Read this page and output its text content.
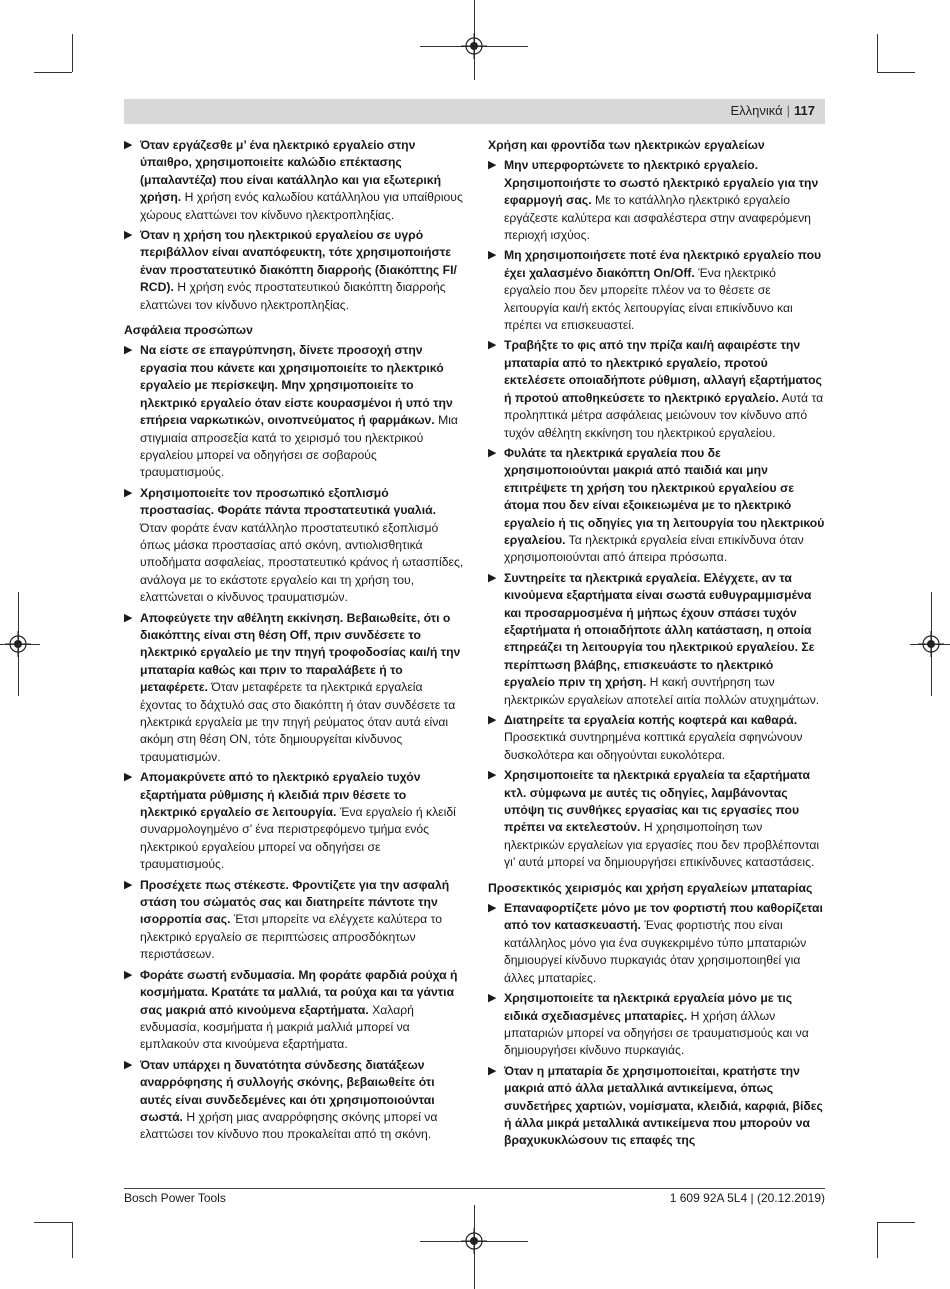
Ελληνικά | 117
▶ Όταν εργάζεσθε μ’ ένα ηλεκτρικό εργαλείο στην ύπαιθρο, χρησιμοποιείτε καλώδιο επέκτασης (μπαλαντέζα) που είναι κατάλληλο και για εξωτερική χρήση. Η χρήση ενός καλωδίου κατάλληλου για υπαίθριους χώρους ελαττώνει τον κίνδυνο ηλεκτροπληξίας.
▶ Όταν η χρήση του ηλεκτρικού εργαλείου σε υγρό περιβάλλον είναι αναπόφευκτη, τότε χρησιμοποιήστε έναν προστατευτικό διακόπτη διαρροής (διακόπτης FI/ RCD). Η χρήση ενός προστατευτικού διακόπτη διαρροής ελαττώνει τον κίνδυνο ηλεκτροπληξίας.
Ασφάλεια προσώπων
▶ Να είστε σε επαγρύπνηση, δίνετε προσοχή στην εργασία που κάνετε και χρησιμοποιείτε το ηλεκτρικό εργαλείο με περίσκεψη. Μην χρησιμοποιείτε το ηλεκτρικό εργαλείο όταν είστε κουρασμένοι ή υπό την επήρεια ναρκωτικών, οινοπνεύματος ή φαρμάκων. Μια στιγμιαία απροσεξία κατά το χειρισμό του ηλεκτρικού εργαλείου μπορεί να οδηγήσει σε σοβαρούς τραυματισμούς.
▶ Χρησιμοποιείτε τον προσωπικό εξοπλισμό προστασίας. Φοράτε πάντα προστατευτικά γυαλιά. Όταν φοράτε έναν κατάλληλο προστατευτικό εξοπλισμό όπως μάσκα προστασίας από σκόνη, αντιολισθητικά υποδήματα ασφαλείας, προστατευτικό κράνος ή ωτασπίδες, ανάλογα με το εκάστοτε εργαλείο και τη χρήση του, ελαττώνεται ο κίνδυνος τραυματισμών.
▶ Αποφεύγετε την αθέλητη εκκίνηση. Βεβαιωθείτε, ότι ο διακόπτης είναι στη θέση Off, πριν συνδέσετε το ηλεκτρικό εργαλείο με την πηγή τροφοδοσίας και/ή την μπαταρία καθώς και πριν το παραλάβετε ή το μεταφέρετε. Όταν μεταφέρετε τα ηλεκτρικά εργαλεία έχοντας το δάχτυλό σας στο διακόπτη ή όταν συνδέσετε τα ηλεκτρικά εργαλεία με την πηγή ρεύματος όταν αυτά είναι ακόμη στη θέση ON, τότε δημιουργείται κίνδυνος τραυματισμών.
▶ Απομακρύνετε από το ηλεκτρικό εργαλείο τυχόν εξαρτήματα ρύθμισης ή κλειδιά πριν θέσετε το ηλεκτρικό εργαλείο σε λειτουργία. Ένα εργαλείο ή κλειδί συναρμολογημένο σ’ ένα περιστρεφόμενο τμήμα ενός ηλεκτρικού εργαλείου μπορεί να οδηγήσει σε τραυματισμούς.
▶ Προσέχετε πως στέκεστε. Φροντίζετε για την ασφαλή στάση του σώματός σας και διατηρείτε πάντοτε την ισορροπία σας. Έτσι μπορείτε να ελέγχετε καλύτερα το ηλεκτρικό εργαλείο σε περιπτώσεις απροσδόκητων περιστάσεων.
▶ Φοράτε σωστή ενδυμασία. Μη φοράτε φαρδιά ρούχα ή κοσμήματα. Κρατάτε τα μαλλιά, τα ρούχα και τα γάντια σας μακριά από κινούμενα εξαρτήματα. Χαλαρή ενδυμασία, κοσμήματα ή μακριά μαλλιά μπορεί να εμπλακούν στα κινούμενα εξαρτήματα.
▶ Όταν υπάρχει η δυνατότητα σύνδεσης διατάξεων αναρρόφησης ή συλλογής σκόνης, βεβαιωθείτε ότι αυτές είναι συνδεδεμένες και ότι χρησιμοποιούνται σωστά. Η χρήση μιας αναρρόφησης σκόνης μπορεί να ελαττώσει τον κίνδυνο που προκαλείται από τη σκόνη.
Χρήση και φροντίδα των ηλεκτρικών εργαλείων
▶ Μην υπερφορτώνετε το ηλεκτρικό εργαλείο. Χρησιμοποιήστε το σωστό ηλεκτρικό εργαλείο για την εφαρμογή σας. Με το κατάλληλο ηλεκτρικό εργαλείο εργάζεστε καλύτερα και ασφαλέστερα στην αναφερόμενη περιοχή ισχύος.
▶ Μη χρησιμοποιήσετε ποτέ ένα ηλεκτρικό εργαλείο που έχει χαλασμένο διακόπτη On/Off. Ένα ηλεκτρικό εργαλείο που δεν μπορείτε πλέον να το θέσετε σε λειτουργία και/ή εκτός λειτουργίας είναι επικίνδυνο και πρέπει να επισκευαστεί.
▶ Τραβήξτε το φις από την πρίζα και/ή αφαιρέστε την μπαταρία από το ηλεκτρικό εργαλείο, προτού εκτελέσετε οποιαδήποτε ρύθμιση, αλλαγή εξαρτήματος ή προτού αποθηκεύσετε το ηλεκτρικό εργαλείο. Αυτά τα προληπτικά μέτρα ασφάλειας μειώνουν τον κίνδυνο από τυχόν αθέλητη εκκίνηση του ηλεκτρικού εργαλείου.
▶ Φυλάτε τα ηλεκτρικά εργαλεία που δε χρησιμοποιούνται μακριά από παιδιά και μην επιτρέψετε τη χρήση του ηλεκτρικού εργαλείου σε άτομα που δεν είναι εξοικειωμένα με το ηλεκτρικό εργαλείο ή τις οδηγίες για τη λειτουργία του ηλεκτρικού εργαλείου. Τα ηλεκτρικά εργαλεία είναι επικίνδυνα όταν χρησιμοποιούνται από άπειρα πρόσωπα.
▶ Συντηρείτε τα ηλεκτρικά εργαλεία. Ελέγχετε, αν τα κινούμενα εξαρτήματα είναι σωστά ευθυγραμμισμένα και προσαρμοσμένα ή μήπως έχουν σπάσει τυχόν εξαρτήματα ή οποιαδήποτε άλλη κατάσταση, η οποία επηρεάζει τη λειτουργία του ηλεκτρικού εργαλείου. Σε περίπτωση βλάβης, επισκευάστε το ηλεκτρικό εργαλείο πριν τη χρήση. Η κακή συντήρηση των ηλεκτρικών εργαλείων αποτελεί αιτία πολλών ατυχημάτων.
▶ Διατηρείτε τα εργαλεία κοπής κοφτερά και καθαρά. Προσεκτικά συντηρημένα κοπτικά εργαλεία σφηνώνουν δυσκολότερα και οδηγούνται ευκολότερα.
▶ Χρησιμοποιείτε τα ηλεκτρικά εργαλεία τα εξαρτήματα κτλ. σύμφωνα με αυτές τις οδηγίες, λαμβάνοντας υπόψη τις συνθήκες εργασίας και τις εργασίες που πρέπει να εκτελεστούν. Η χρησιμοποίηση των ηλεκτρικών εργαλείων για εργασίες που δεν προβλέπονται γι’ αυτά μπορεί να δημιουργήσει επικίνδυνες καταστάσεις.
Προσεκτικός χειρισμός και χρήση εργαλείων μπαταρίας
▶ Επαναφορτίζετε μόνο με τον φορτιστή που καθορίζεται από τον κατασκευαστή. Ένας φορτιστής που είναι κατάλληλος μόνο για ένα συγκεκριμένο τύπο μπαταριών δημιουργεί κίνδυνο πυρκαγιάς όταν χρησιμοποιηθεί για άλλες μπαταρίες.
▶ Χρησιμοποιείτε τα ηλεκτρικά εργαλεία μόνο με τις ειδικά σχεδιασμένες μπαταρίες. Η χρήση άλλων μπαταριών μπορεί να οδηγήσει σε τραυματισμούς και να δημιουργήσει κίνδυνο πυρκαγιάς.
▶ Όταν η μπαταρία δε χρησιμοποιείται, κρατήστε την μακριά από άλλα μεταλλικά αντικείμενα, όπως συνδετήρες χαρτιών, νομίσματα, κλειδιά, καρφιά, βίδες ή άλλα μικρά μεταλλικά αντικείμενα που μπορούν να βραχυκυκλώσουν τις επαφές της
Bosch Power Tools	1 609 92A 5L4 | (20.12.2019)
